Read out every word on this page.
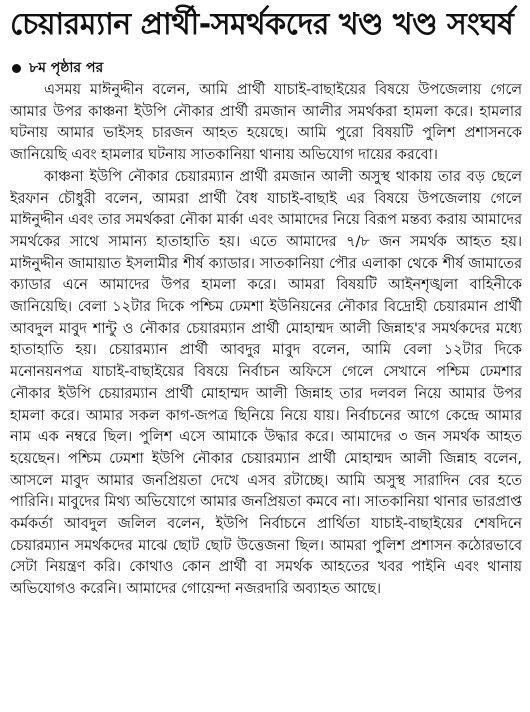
চেয়ারম্যান প্রার্থী-সমর্থকদের খণ্ড খণ্ড সংঘর্ষ
৮ম পৃষ্ঠার পর

এসময় মাঈনুদ্দীন বলেন, আমি প্রার্থী যাচাই-বাছাইয়ের বিষয়ে উপজেলায় গেলে আমার উপর কাঞ্চনা ইউপি নৌকার প্রার্থী রমজান আলীর সমর্থকরা হামলা করে। হামলার ঘটনায় আমার ভাইসহ চারজন আহত হয়েছে। আমি পুরো বিষয়টি পুলিশ প্রশাসনকে জানিয়েছি এবং হামলার ঘটনায় সাতকানিয়া থানায় অভিযোগ দায়ের করবো।

কাঞ্চনা ইউপি নৌকার চেয়ারম্যান প্রার্থী রমজান আলী অসুস্থ থাকায় তার বড় ছেলে ইরফান চৌধুরী বলেন, আমরা প্রার্থী বৈধ যাচাই-বাছাই এর বিষয়ে উপজেলায় গেলে মাঈনুদ্দীন এবং তার সমর্থকরা নৌকা মার্কা এবং আমাদের নিয়ে বিরূপ মন্তব্য করায় আমাদের সমর্থকের সাথে সামান্য হাতাহাতি হয়। এতে আমাদের ৭/৮ জন সমর্থক আহত হয়। মাঈনুদ্দীন জামায়াত ইসলামীর শীর্ষ ক্যাডার। সাতকানিয়া পৌর এলাকা থেকে শীর্ষ জামাতের ক্যাডার এনে আমাদের উপর হামলা করে। আমরা বিষয়টি আইনশৃঙ্খলা বাহিনীকে জানিয়েছি। বেলা ১২টার দিকে পশ্চিম ঢেমশা ইউনিয়নের নৌকার বিদ্রোহী চেয়ারমান প্রার্থী আবদুল মাবুদ শান্টু ও নৌকার চেয়ারম্যান প্রার্থী মোহাম্মদ আলী জিন্নাহ'র সমর্থকদের মধ্যে হাতাহাতি হয়। চেয়ারম্যান প্রার্থী আবদুর মাবুদ বলেন, আমি বেলা ১২টার দিকে মনোনয়নপত্র যাচাই-বাছাইয়ের বিষয়ে নির্বাচন অফিসে গেলে সেখানে পশ্চিম ঢেমশার নৌকার ইউপি চেয়ারম্যান প্রার্থী মোহাম্মদ আলী জিন্নাহ তার দলবল নিয়ে আমার উপর হামলা করে। আমার সকল কাগ-জপত্র ছিনিয়ে নিয়ে যায়। নির্বাচনের আগে কেন্দ্রে আমার নাম এক নম্বরে ছিল। পুলিশ এসে আমাকে উদ্ধার করে। আমাদের ৩ জন সমর্থক আহত হয়েছেন। পশ্চিম ঢেমশা ইউপি নৌকার চেয়ারম্যান প্রার্থী মোহাম্মদ আলী জিন্নাহ বলেন, আসলে মাবুদ আমার জনপ্রিয়তা দেখে এসব রটাচ্ছে। আমি অসুস্থ সারাদিন বের হতে পারিনি। মাবুদের মিথ্য অভিযোগে আমার জনপ্রিয়তা কমবে না। সাতকানিয়া থানার ভারপ্রাপ্ত কর্মকর্তা আবদুল জলিল বলেন, ইউপি নির্বাচনে প্রার্থিতা যাচাই-বাছাইয়ের শেষদিনে চেয়ারম্যান সমর্থকদের মাঝে ছোট ছোট উত্তেজনা ছিল। আমরা পুলিশ প্রশাসন কঠোরভাবে সেটা নিয়ন্ত্রণ করি। কোথাও কোন প্রার্থী বা সমর্থক আহতের খবর পাইনি এবং থানায় অভিযোগও করেনি। আমাদের গোয়েন্দা নজরদারি অব্যাহত আছে।
